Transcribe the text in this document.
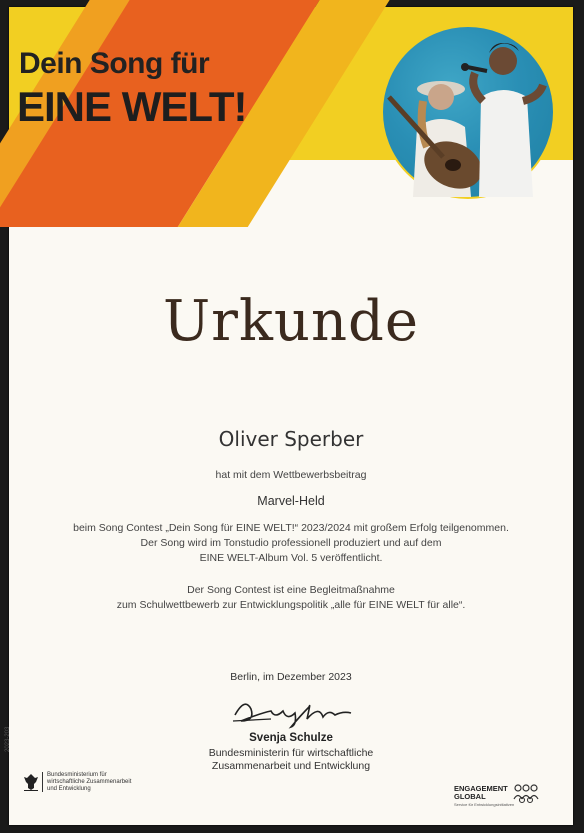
Dein Song für
EINE WELT!
Urkunde
Oliver Sperber
hat mit dem Wettbewerbsbeitrag
Marvel-Held
beim Song Contest „Dein Song für EINE WELT!“ 2023/2024 mit großem Erfolg teilgenommen.
Der Song wird im Tonstudio professionell produziert und auf dem
EINE WELT-Album Vol. 5 veröffentlicht.
Der Song Contest ist eine Begleitmaßnahme
zum Schulwettbewerb zur Entwicklungspolitik „alle für EINE WELT für alle“.
Berlin, im Dezember 2023
Svenja Schulze
Bundesministerin für wirtschaftliche
Zusammenarbeit und Entwicklung
2023-203
Bundesministerium für
wirtschaftliche Zusammenarbeit
und Entwicklung	ENGAGEMENT
GLOBAL
Service für Entwicklungsinitiativen
